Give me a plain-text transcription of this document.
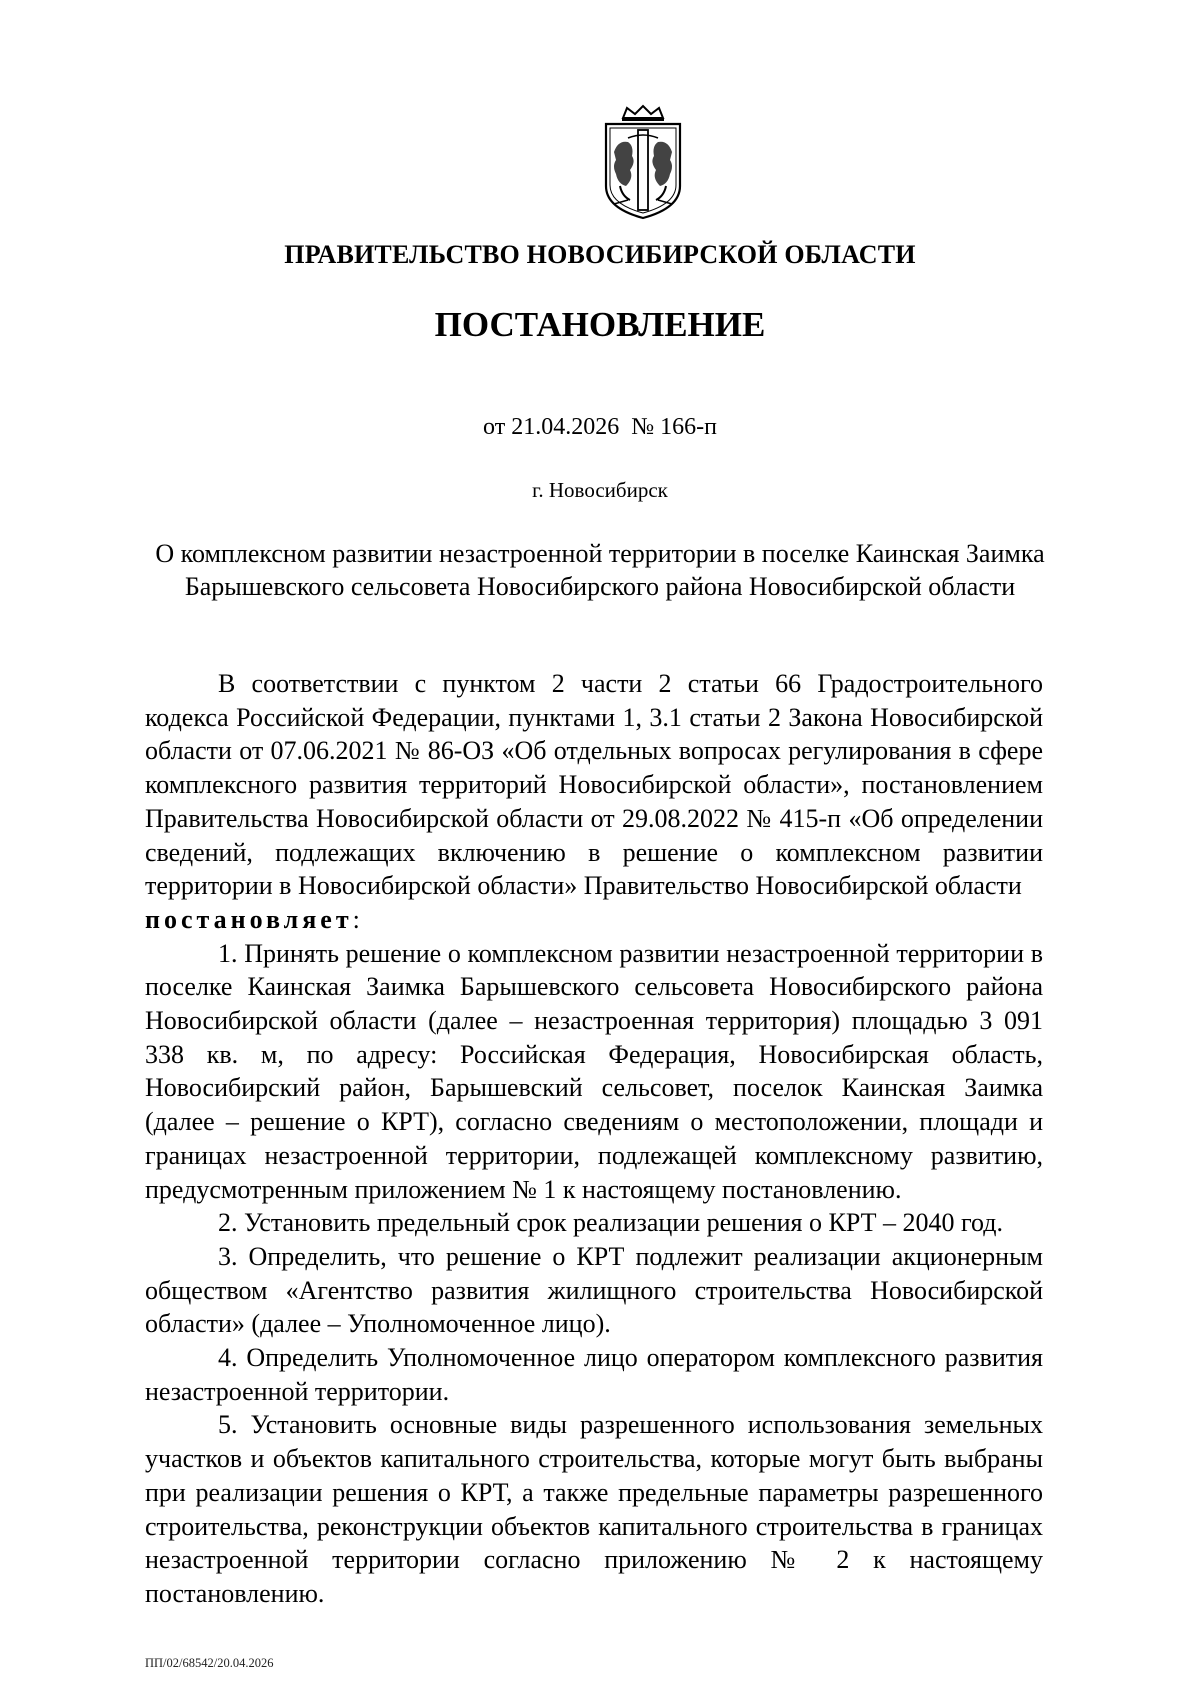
ПРАВИТЕЛЬСТВО НОВОСИБИРСКОЙ ОБЛАСТИ
ПОСТАНОВЛЕНИЕ
от 21.04.2026  № 166-п
г. Новосибирск
О комплексном развитии незастроенной территории в поселке Каинская Заимка Барышевского сельсовета Новосибирского района Новосибирской области

В соответствии с пунктом 2 части 2 статьи 66 Градостроительного кодекса Российской Федерации, пунктами 1, 3.1 статьи 2 Закона Новосибирской области от 07.06.2021 № 86-ОЗ «Об отдельных вопросах регулирования в сфере комплексного развития территорий Новосибирской области», постановлением Правительства Новосибирской области от 29.08.2022 № 415-п «Об определении сведений, подлежащих включению в решение о комплексном развитии территории в Новосибирской области» Правительство Новосибирской области

постановляет:

1. Принять решение о комплексном развитии незастроенной территории в поселке Каинская Заимка Барышевского сельсовета Новосибирского района Новосибирской области (далее – незастроенная территория) площадью 3 091 338 кв. м, по адресу: Российская Федерация, Новосибирская область, Новосибирский район, Барышевский сельсовет, поселок Каинская Заимка (далее – решение о КРТ), согласно сведениям о местоположении, площади и границах незастроенной территории, подлежащей комплексному развитию, предусмотренным приложением № 1 к настоящему постановлению.

2. Установить предельный срок реализации решения о КРТ – 2040 год.

3. Определить, что решение о КРТ подлежит реализации акционерным обществом «Агентство развития жилищного строительства Новосибирской области» (далее – Уполномоченное лицо).

4. Определить Уполномоченное лицо оператором комплексного развития незастроенной территории.

5. Установить основные виды разрешенного использования земельных участков и объектов капитального строительства, которые могут быть выбраны при реализации решения о КРТ, а также предельные параметры разрешенного строительства, реконструкции объектов капитального строительства в границах незастроенной территории согласно приложению № 2 к настоящему постановлению.

ПП/02/68542/20.04.2026
